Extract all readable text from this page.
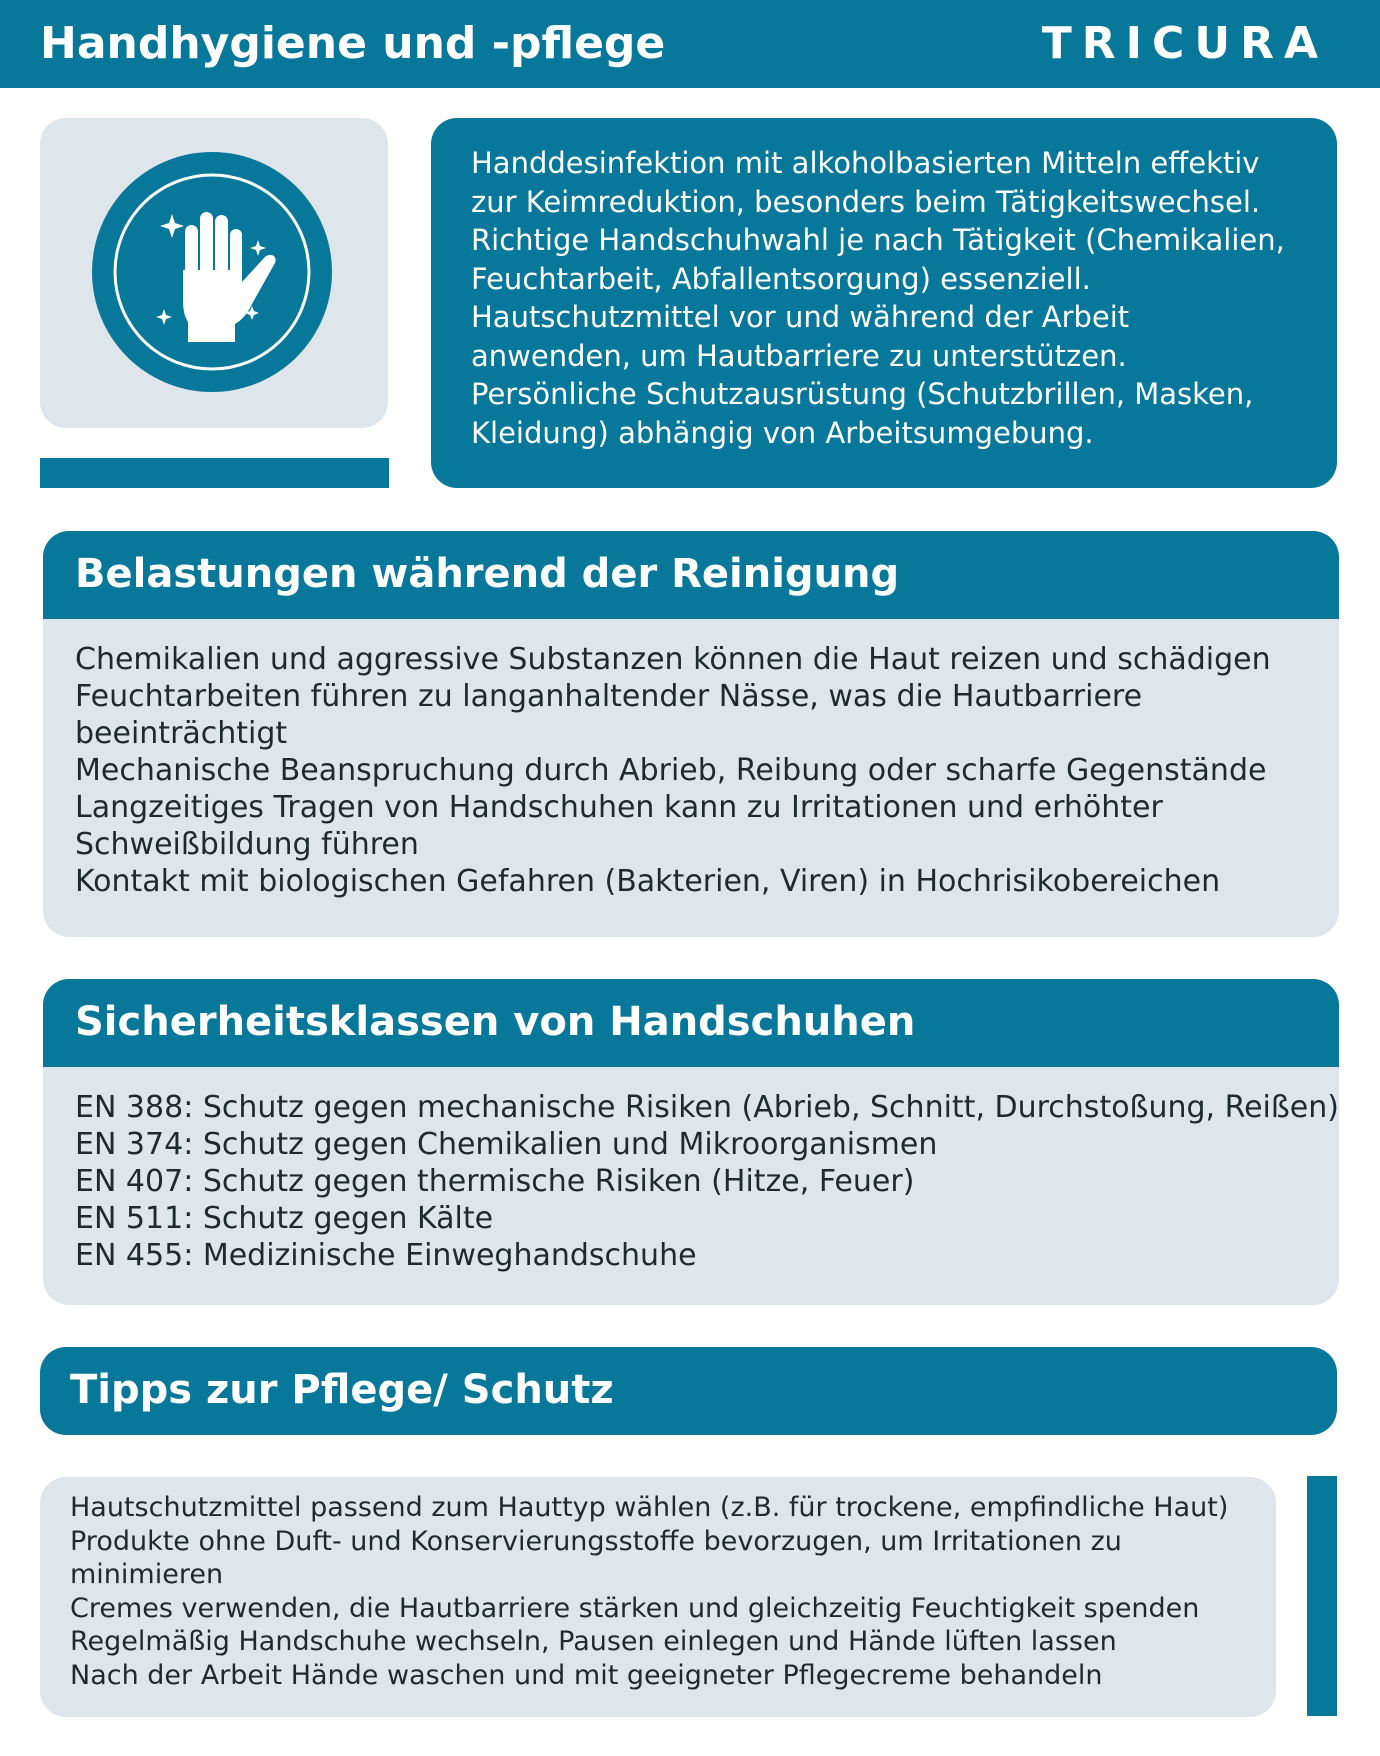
Handhygiene und -pflege	TRICURA
Handdesinfektion mit alkoholbasierten Mitteln effektiv
zur Keimreduktion, besonders beim Tätigkeitswechsel.
Richtige Handschuhwahl je nach Tätigkeit (Chemikalien,
Feuchtarbeit, Abfallentsorgung) essenziell.
Hautschutzmittel vor und während der Arbeit
anwenden, um Hautbarriere zu unterstützen.
Persönliche Schutzausrüstung (Schutzbrillen, Masken,
Kleidung) abhängig von Arbeitsumgebung.
Belastungen während der Reinigung
Chemikalien und aggressive Substanzen können die Haut reizen und schädigen
Feuchtarbeiten führen zu langanhaltender Nässe, was die Hautbarriere
beeinträchtigt
Mechanische Beanspruchung durch Abrieb, Reibung oder scharfe Gegenstände
Langzeitiges Tragen von Handschuhen kann zu Irritationen und erhöhter
Schweißbildung führen
Kontakt mit biologischen Gefahren (Bakterien, Viren) in Hochrisikobereichen
Sicherheitsklassen von Handschuhen
EN 388: Schutz gegen mechanische Risiken (Abrieb, Schnitt, Durchstoßung, Reißen)
EN 374: Schutz gegen Chemikalien und Mikroorganismen
EN 407: Schutz gegen thermische Risiken (Hitze, Feuer)
EN 511: Schutz gegen Kälte
EN 455: Medizinische Einweghandschuhe
Tipps zur Pflege/ Schutz
Hautschutzmittel passend zum Hauttyp wählen (z.B. für trockene, empfindliche Haut)
Produkte ohne Duft- und Konservierungsstoffe bevorzugen, um Irritationen zu
minimieren
Cremes verwenden, die Hautbarriere stärken und gleichzeitig Feuchtigkeit spenden
Regelmäßig Handschuhe wechseln, Pausen einlegen und Hände lüften lassen
Nach der Arbeit Hände waschen und mit geeigneter Pflegecreme behandeln
